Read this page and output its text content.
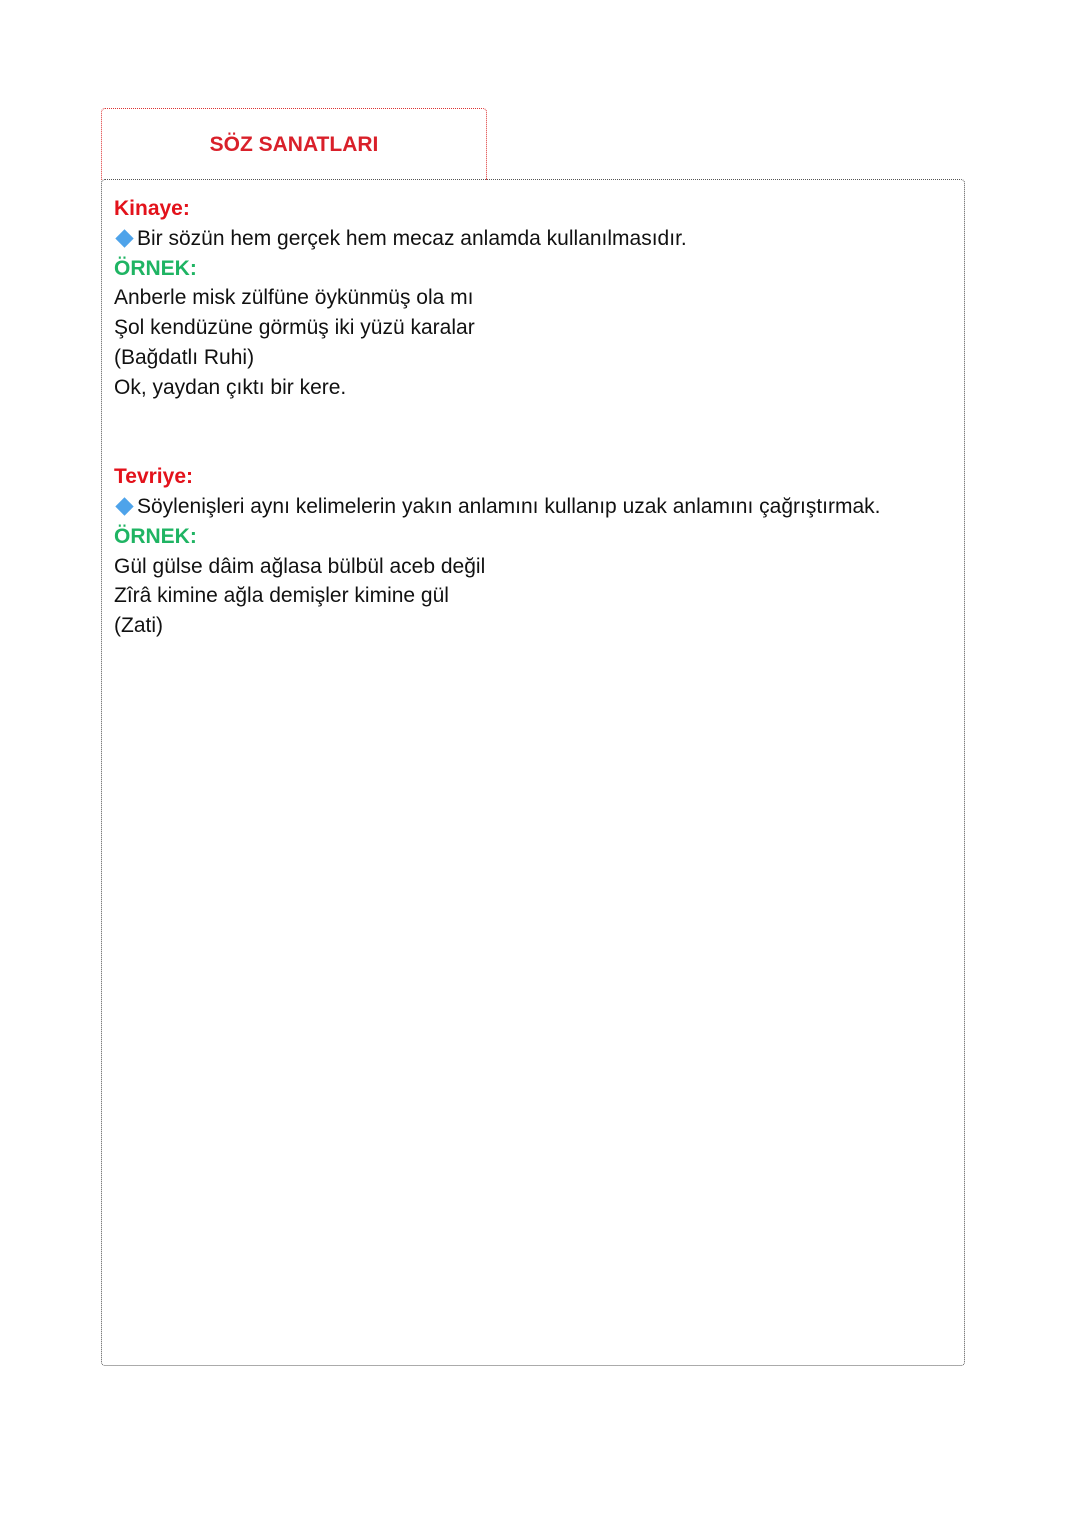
SÖZ SANATLARI
Kinaye:
Bir sözün hem gerçek hem mecaz anlamda kullanılmasıdır.
ÖRNEK:
Anberle misk zülfüne öykünmüş ola mı
Şol kendüzüne görmüş iki yüzü karalar
(Bağdatlı Ruhi)
Ok, yaydan çıktı bir kere.
Tevriye:
Söylenişleri aynı kelimelerin yakın anlamını kullanıp uzak anlamını çağrıştırmak.
ÖRNEK:
Gül gülse dâim ağlasa bülbül aceb değil
Zîrâ kimine ağla demişler kimine gül
(Zati)
